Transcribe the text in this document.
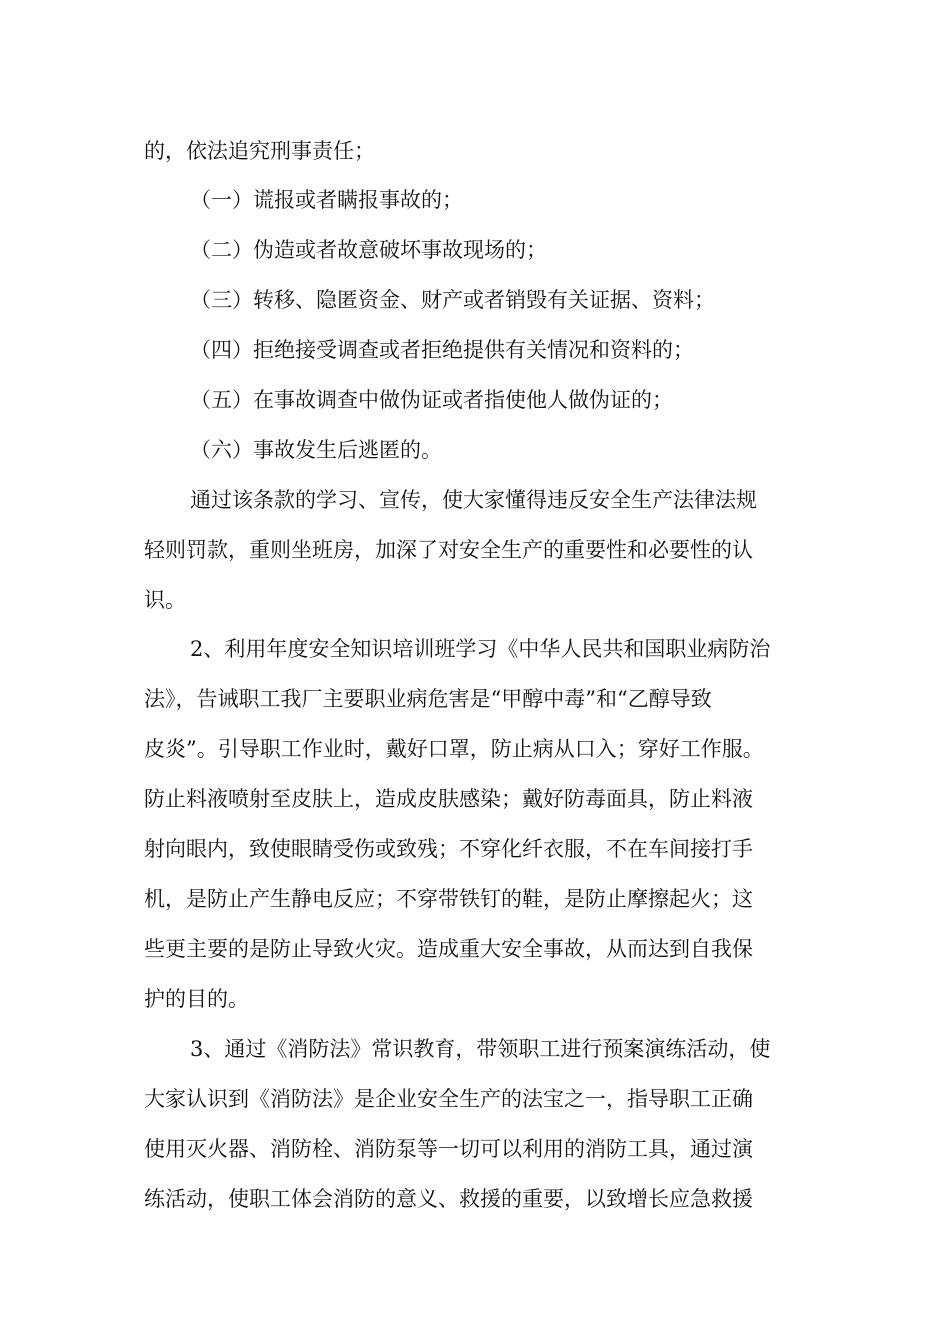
的，依法追究刑事责任；

（一）谎报或者瞒报事故的；

（二）伪造或者故意破坏事故现场的；

（三）转移、隐匿资金、财产或者销毁有关证据、资料；

（四）拒绝接受调查或者拒绝提供有关情况和资料的；

（五）在事故调查中做伪证或者指使他人做伪证的；

（六）事故发生后逃匿的。

通过该条款的学习、宣传，使大家懂得违反安全生产法律法规

轻则罚款，重则坐班房，加深了对安全生产的重要性和必要性的认

识。

2、利用年度安全知识培训班学习《中华人民共和国职业病防治

法》，告诫职工我厂主要职业病危害是“甲醇中毒”和“乙醇导致

皮炎”。引导职工作业时，戴好口罩，防止病从口入；穿好工作服。

防止料液喷射至皮肤上，造成皮肤感染；戴好防毒面具，防止料液

射向眼内，致使眼睛受伤或致残；不穿化纤衣服，不在车间接打手

机，是防止产生静电反应；不穿带铁钉的鞋，是防止摩擦起火；这

些更主要的是防止导致火灾。造成重大安全事故，从而达到自我保

护的目的。

3、通过《消防法》常识教育，带领职工进行预案演练活动，使

大家认识到《消防法》是企业安全生产的法宝之一，指导职工正确

使用灭火器、消防栓、消防泵等一切可以利用的消防工具，通过演

练活动，使职工体会消防的意义、救援的重要，以致增长应急救援
